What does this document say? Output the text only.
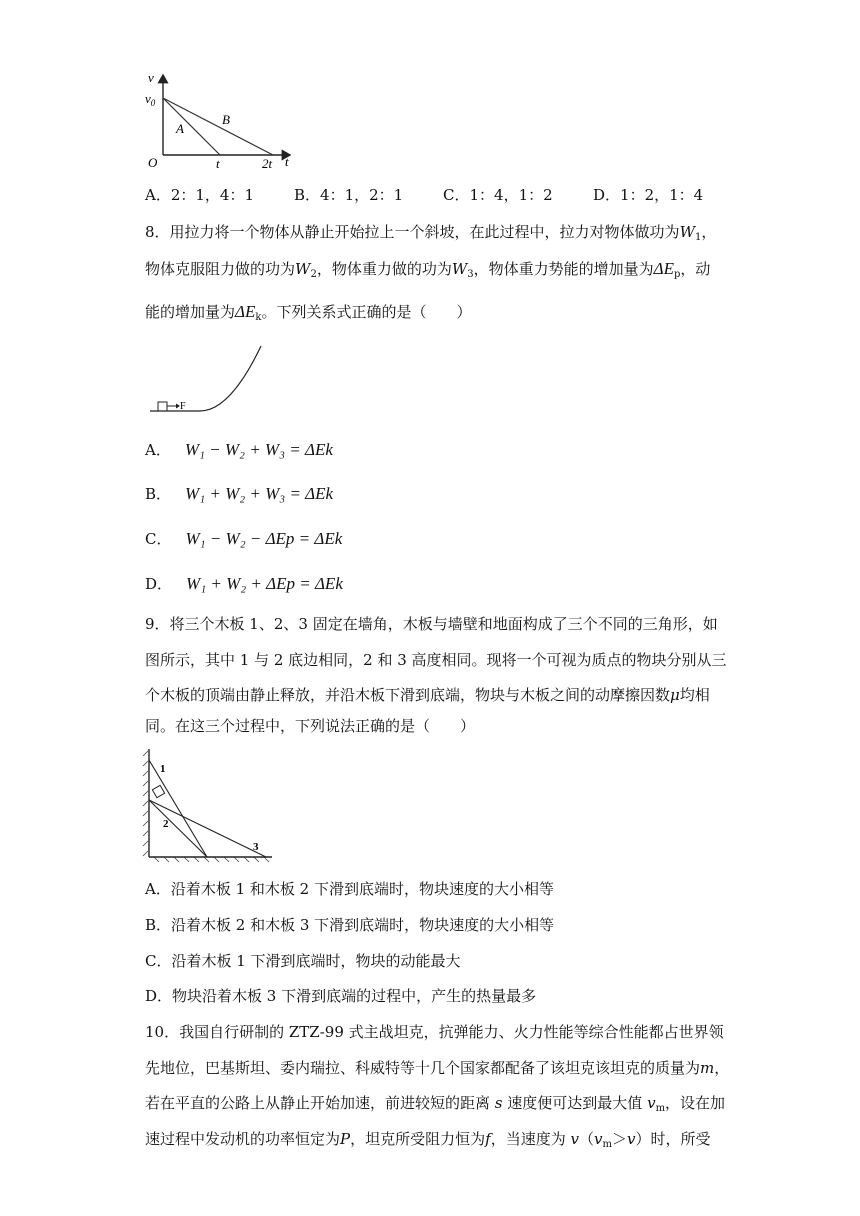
v
$v_0$
A
B
O	t	2t t
A．2：1，4：1	B．4：1，2：1	C．1：4，1：2	D．1：2，1：4
8．用拉力将一个物体从静止开始拉上一个斜坡，在此过程中，拉力对物体做功为$W_1$，
物体克服阻力做的功为$W_2$，物体重力做的功为$W_3$，物体重力势能的增加量为$\Delta E_p$，动
能的增加量为$\Delta E_k$。下列关系式正确的是（　　）
F
A． W₁ − W₂ + W₃ = ΔEk
B． W₁ + W₂ + W₃ = ΔEk
C． W₁ − W₂ − ΔEp = ΔEk
D． W₁ + W₂ + ΔEp = ΔEk
9．将三个木板 1、2、3 固定在墙角，木板与墙壁和地面构成了三个不同的三角形，如
图所示，其中 1 与 2 底边相同，2 和 3 高度相同。现将一个可视为质点的物块分别从三
个木板的顶端由静止释放，并沿木板下滑到底端，物块与木板之间的动摩擦因数μ均相
同。在这三个过程中，下列说法正确的是（　　）
1
2
3
A．沿着木板 1 和木板 2 下滑到底端时，物块速度的大小相等
B．沿着木板 2 和木板 3 下滑到底端时，物块速度的大小相等
C．沿着木板 1 下滑到底端时，物块的动能最大
D．物块沿着木板 3 下滑到底端的过程中，产生的热量最多
10．我国自行研制的 ZTZ-99 式主战坦克，抗弹能力、火力性能等综合性能都占世界领
先地位，巴基斯坦、委内瑞拉、科威特等十几个国家都配备了该坦克该坦克的质量为m，
若在平直的公路上从静止开始加速，前进较短的距离 s 速度便可达到最大值 $v_m$，设在加
速过程中发动机的功率恒定为P，坦克所受阻力恒为f，当速度为 $v(v_m>v)$时，所受
